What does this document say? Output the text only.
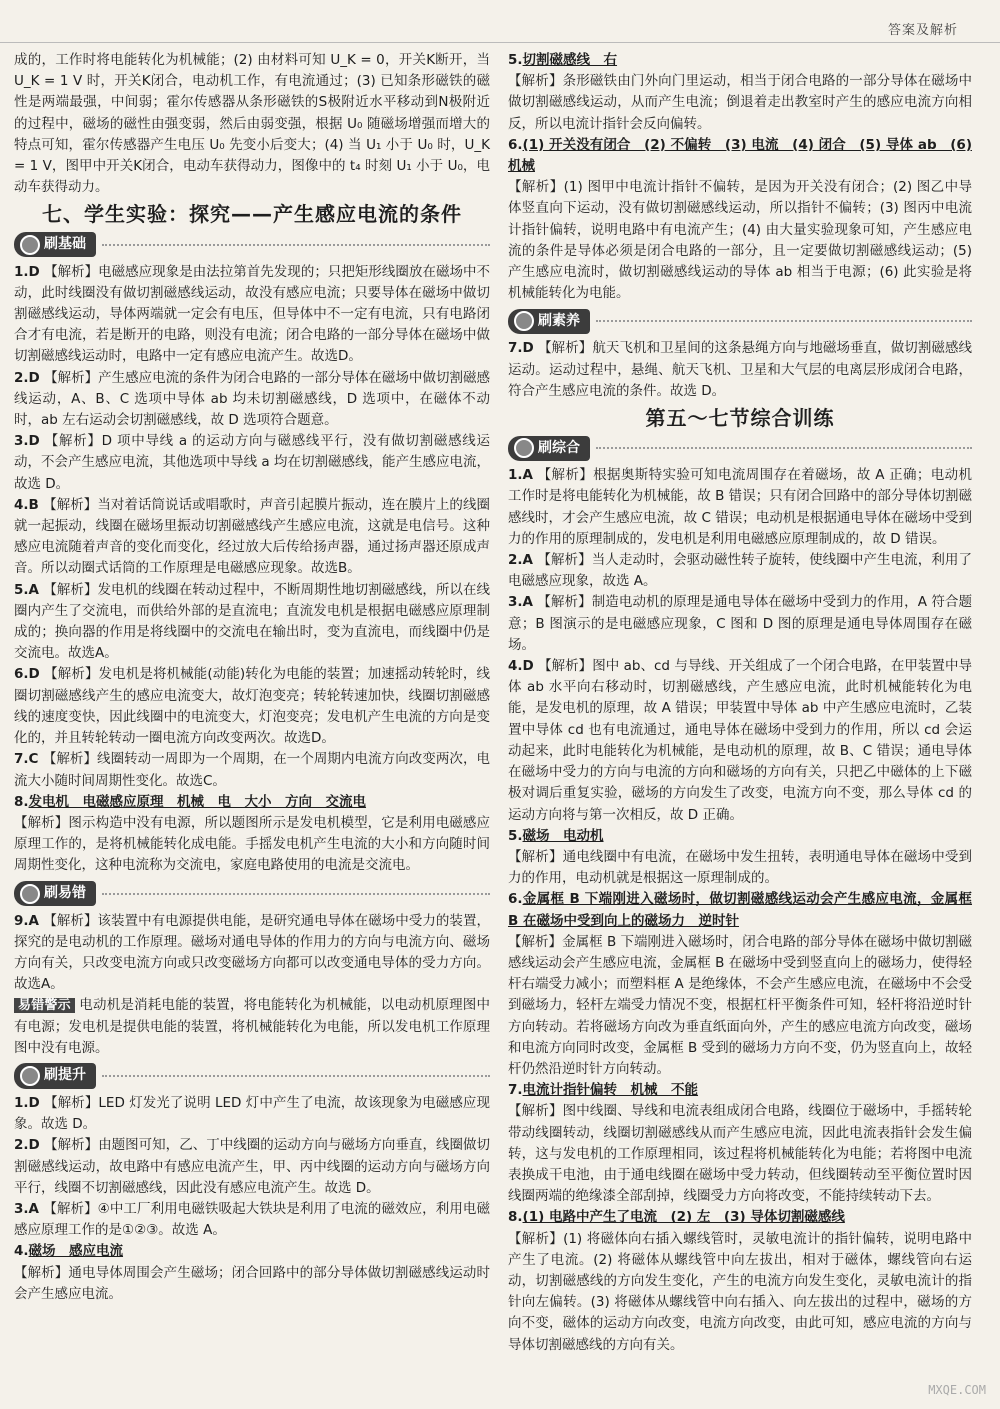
答案及解析

成的，工作时将电能转化为机械能；(2) 由材料可知 U_K = 0，开关K断开，当 U_K = 1 V 时，开关K闭合，电动机工作，有电流通过；(3) 已知条形磁铁的磁性是两端最强，中间弱；霍尔传感器从条形磁铁的S极附近水平移动到N极附近的过程中，磁场的磁性由强变弱，然后由弱变强，根据 U₀ 随磁场增强而增大的特点可知，霍尔传感器产生电压 U₀ 先变小后变大；(4) 当 U₁ 小于 U₀ 时，U_K = 1 V，图甲中开关K闭合，电动车获得动力，图像中的 t₄ 时刻 U₁ 小于 U₀，电动车获得动力。

七、学生实验：探究——产生感应电流的条件
刷基础

1.D 【解析】电磁感应现象是由法拉第首先发现的；只把矩形线圈放在磁场中不动，此时线圈没有做切割磁感线运动，故没有感应电流；只要导体在磁场中做切割磁感线运动，导体两端就一定会有电压，但导体中不一定有电流，只有电路闭合才有电流，若是断开的电路，则没有电流；闭合电路的一部分导体在磁场中做切割磁感线运动时，电路中一定有感应电流产生。故选D。

2.D 【解析】产生感应电流的条件为闭合电路的一部分导体在磁场中做切割磁感线运动，A、B、C 选项中导体 ab 均未切割磁感线，D 选项中，在磁体不动时，ab 左右运动会切割磁感线，故 D 选项符合题意。

3.D 【解析】D 项中导线 a 的运动方向与磁感线平行，没有做切割磁感线运动，不会产生感应电流，其他选项中导线 a 均在切割磁感线，能产生感应电流，故选 D。

4.B 【解析】当对着话筒说话或唱歌时，声音引起膜片振动，连在膜片上的线圈就一起振动，线圈在磁场里振动切割磁感线产生感应电流，这就是电信号。这种感应电流随着声音的变化而变化，经过放大后传给扬声器，通过扬声器还原成声音。所以动圈式话筒的工作原理是电磁感应现象。故选B。

5.A 【解析】发电机的线圈在转动过程中，不断周期性地切割磁感线，所以在线圈内产生了交流电，而供给外部的是直流电；直流发电机是根据电磁感应原理制成的；换向器的作用是将线圈中的交流电在输出时，变为直流电，而线圈中仍是交流电。故选A。

6.D 【解析】发电机是将机械能(动能)转化为电能的装置；加速摇动转轮时，线圈切割磁感线产生的感应电流变大，故灯泡变亮；转轮转速加快，线圈切割磁感线的速度变快，因此线圈中的电流变大，灯泡变亮；发电机产生电流的方向是变化的，并且转轮转动一圈电流方向改变两次。故选D。

7.C 【解析】线圈转动一周即为一个周期，在一个周期内电流方向改变两次，电流大小随时间周期性变化。故选C。

8.发电机　电磁感应原理　机械　电　大小　方向　交流电

【解析】图示构造中没有电源，所以题图所示是发电机模型，它是利用电磁感应原理工作的，是将机械能转化成电能。手摇发电机产生电流的大小和方向随时间周期性变化，这种电流称为交流电，家庭电路使用的电流是交流电。

刷易错

9.A 【解析】该装置中有电源提供电能，是研究通电导体在磁场中受力的装置，探究的是电动机的工作原理。磁场对通电导体的作用力的方向与电流方向、磁场方向有关，只改变电流方向或只改变磁场方向都可以改变通电导体的受力方向。故选A。

易错警示 电动机是消耗电能的装置，将电能转化为机械能，以电动机原理图中有电源；发电机是提供电能的装置，将机械能转化为电能，所以发电机工作原理图中没有电源。

刷提升

1.D 【解析】LED 灯发光了说明 LED 灯中产生了电流，故该现象为电磁感应现象。故选 D。

2.D 【解析】由题图可知，乙、丁中线圈的运动方向与磁场方向垂直，线圈做切割磁感线运动，故电路中有感应电流产生，甲、丙中线圈的运动方向与磁场方向平行，线圈不切割磁感线，因此没有感应电流产生。故选 D。

3.A 【解析】④中工厂利用电磁铁吸起大铁块是利用了电流的磁效应，利用电磁感应原理工作的是①②③。故选 A。

4.磁场　感应电流

【解析】通电导体周围会产生磁场；闭合回路中的部分导体做切割磁感线运动时会产生感应电流。

5.切割磁感线　右

【解析】条形磁铁由门外向门里运动，相当于闭合电路的一部分导体在磁场中做切割磁感线运动，从而产生电流；倒退着走出教室时产生的感应电流方向相反，所以电流计指针会反向偏转。

6.(1) 开关没有闭合　(2) 不偏转　(3) 电流　(4) 闭合　(5) 导体 ab　(6) 机械

【解析】(1) 图甲中电流计指针不偏转，是因为开关没有闭合；(2) 图乙中导体竖直向下运动，没有做切割磁感线运动，所以指针不偏转；(3) 图丙中电流计指针偏转，说明电路中有电流产生；(4) 由大量实验现象可知，产生感应电流的条件是导体必须是闭合电路的一部分，且一定要做切割磁感线运动；(5) 产生感应电流时，做切割磁感线运动的导体 ab 相当于电源；(6) 此实验是将机械能转化为电能。

刷素养

7.D 【解析】航天飞机和卫星间的这条悬绳方向与地磁场垂直，做切割磁感线运动。运动过程中，悬绳、航天飞机、卫星和大气层的电离层形成闭合电路，符合产生感应电流的条件。故选 D。

第五～七节综合训练
刷综合

1.A 【解析】根据奥斯特实验可知电流周围存在着磁场，故 A 正确；电动机工作时是将电能转化为机械能，故 B 错误；只有闭合回路中的部分导体切割磁感线时，才会产生感应电流，故 C 错误；电动机是根据通电导体在磁场中受到力的作用的原理制成的，发电机是利用电磁感应原理制成的，故 D 错误。

2.A 【解析】当人走动时，会驱动磁性转子旋转，使线圈中产生电流，利用了电磁感应现象，故选 A。

3.A 【解析】制造电动机的原理是通电导体在磁场中受到力的作用，A 符合题意；B 图演示的是电磁感应现象，C 图和 D 图的原理是通电导体周围存在磁场。

4.D 【解析】图中 ab、cd 与导线、开关组成了一个闭合电路，在甲装置中导体 ab 水平向右移动时，切割磁感线，产生感应电流，此时机械能转化为电能，是发电机的原理，故 A 错误；甲装置中导体 ab 中产生感应电流时，乙装置中导体 cd 也有电流通过，通电导体在磁场中受到力的作用，所以 cd 会运动起来，此时电能转化为机械能，是电动机的原理，故 B、C 错误；通电导体在磁场中受力的方向与电流的方向和磁场的方向有关，只把乙中磁体的上下磁极对调后重复实验，磁场的方向发生了改变，电流方向不变，那么导体 cd 的运动方向将与第一次相反，故 D 正确。

5.磁场　电动机

【解析】通电线圈中有电流，在磁场中发生扭转，表明通电导体在磁场中受到力的作用，电动机就是根据这一原理制成的。

6.金属框 B 下端刚进入磁场时，做切割磁感线运动会产生感应电流，金属框 B 在磁场中受到向上的磁场力　逆时针

【解析】金属框 B 下端刚进入磁场时，闭合电路的部分导体在磁场中做切割磁感线运动会产生感应电流，金属框 B 在磁场中受到竖直向上的磁场力，使得轻杆右端受力减小；而塑料框 A 是绝缘体，不会产生感应电流，在磁场中不会受到磁场力，轻杆左端受力情况不变，根据杠杆平衡条件可知，轻杆将沿逆时针方向转动。若将磁场方向改为垂直纸面向外，产生的感应电流方向改变，磁场和电流方向同时改变，金属框 B 受到的磁场力方向不变，仍为竖直向上，故轻杆仍然沿逆时针方向转动。

7.电流计指针偏转　机械　不能

【解析】图中线圈、导线和电流表组成闭合电路，线圈位于磁场中，手摇转轮带动线圈转动，线圈切割磁感线从而产生感应电流，因此电流表指针会发生偏转，这与发电机的工作原理相同，该过程将机械能转化为电能；若将图中电流表换成干电池，由于通电线圈在磁场中受力转动，但线圈转动至平衡位置时因线圈两端的绝缘漆全部刮掉，线圈受力方向将改变，不能持续转动下去。

8.(1) 电路中产生了电流　(2) 左　(3) 导体切割磁感线

【解析】(1) 将磁体向右插入螺线管时，灵敏电流计的指针偏转，说明电路中产生了电流。(2) 将磁体从螺线管中向左拔出，相对于磁体，螺线管向右运动，切割磁感线的方向发生变化，产生的电流方向发生变化，灵敏电流计的指针向左偏转。(3) 将磁体从螺线管中向右插入、向左拔出的过程中，磁场的方向不变，磁体的运动方向改变，电流方向改变，由此可知，感应电流的方向与导体切割磁感线的方向有关。

MXQE.COM
